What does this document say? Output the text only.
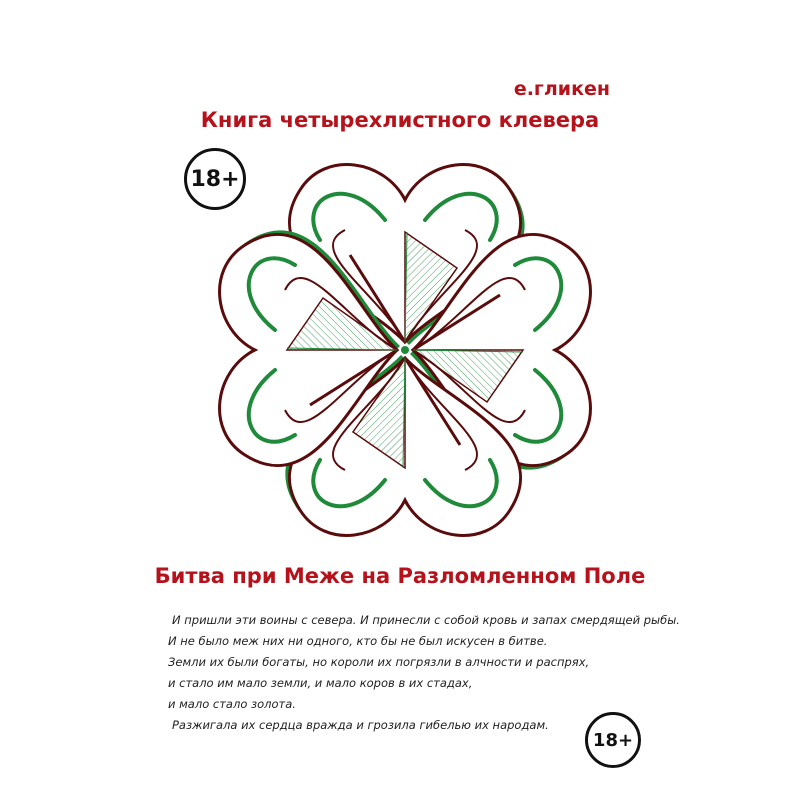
е.гликен
Книга четырехлистного клевера
18+
Битва при Меже на Разломленном Поле
И пришли эти воины с севера. И принесли с собой кровь и запах смердящей рыбы.
И не было меж них ни одного, кто бы не был искусен в битве.
Земли их были богаты, но короли их погрязли в алчности и распрях,
и стало им мало земли, и мало коров в их стадах,
и мало стало золота.
Разжигала их сердца вражда и грозила гибелью их народам.
18+
